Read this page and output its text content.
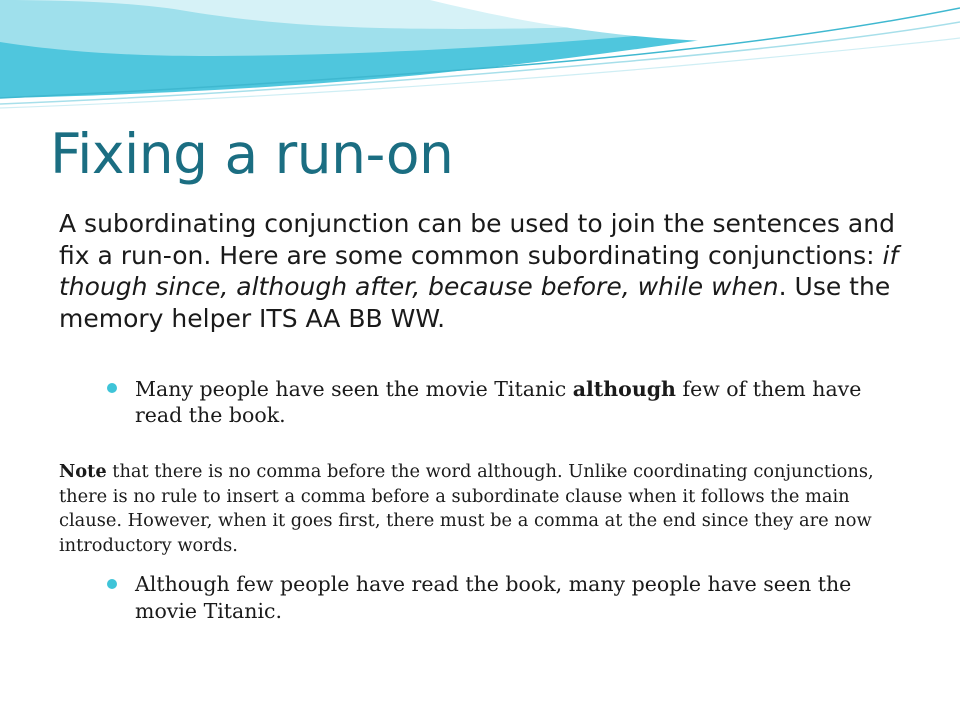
Fixing a run-on

A subordinating conjunction can be used to join the sentences and fix a run-on. Here are some common subordinating conjunctions: if though since, although after, because before, while when. Use the memory helper ITS AA BB WW.

Many people have seen the movie Titanic although few of them have read the book.

Note that there is no comma before the word although. Unlike coordinating conjunctions, there is no rule to insert a comma before a subordinate clause when it follows the main clause. However, when it goes first, there must be a comma at the end since they are now introductory words.

Although few people have read the book, many people have seen the movie Titanic.
